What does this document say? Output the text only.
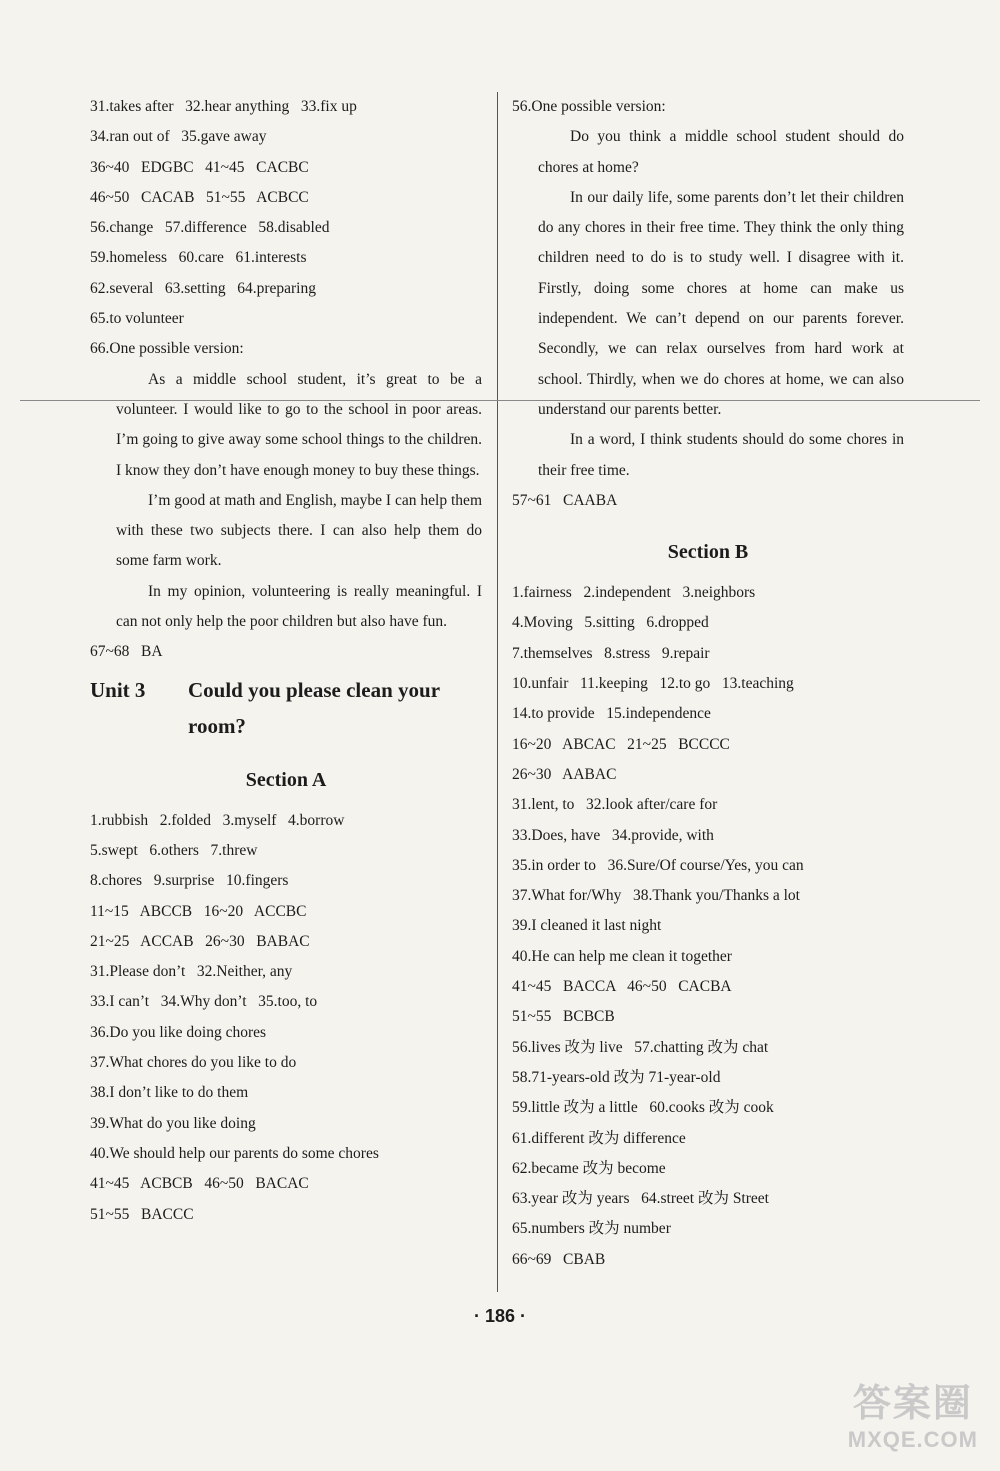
31.takes after   32.hear anything   33.fix up
34.ran out of   35.gave away
36~40   EDGBC   41~45   CACBC
46~50   CACAB   51~55   ACBCC
56.change   57.difference   58.disabled
59.homeless   60.care   61.interests
62.several   63.setting   64.preparing
65.to volunteer
66.One possible version:

As a middle school student, it’s great to be a volunteer. I would like to go to the school in poor areas. I’m going to give away some school things to the children. I know they don’t have enough money to buy these things.

I’m good at math and English, maybe I can help them with these two subjects there. I can also help them do some farm work.

In my opinion, volunteering is really meaningful. I can not only help the poor children but also have fun.

67~68   BA
Unit 3	Could you please clean your room?
Section A
1.rubbish   2.folded   3.myself   4.borrow
5.swept   6.others   7.threw
8.chores   9.surprise   10.fingers
11~15   ABCCB   16~20   ACCBC
21~25   ACCAB   26~30   BABAC
31.Please don’t   32.Neither, any
33.I can’t   34.Why don’t   35.too, to
36.Do you like doing chores
37.What chores do you like to do
38.I don’t like to do them
39.What do you like doing
40.We should help our parents do some chores
41~45   ACBCB   46~50   BACAC
51~55   BACCC
56.One possible version:

Do you think a middle school student should do chores at home?

In our daily life, some parents don’t let their children do any chores in their free time. They think the only thing children need to do is to study well. I disagree with it. Firstly, doing some chores at home can make us independent. We can’t depend on our parents forever. Secondly, we can relax ourselves from hard work at school. Thirdly, when we do chores at home, we can also understand our parents better.

In a word, I think students should do some chores in their free time.

57~61   CAABA
Section B
1.fairness   2.independent   3.neighbors
4.Moving   5.sitting   6.dropped
7.themselves   8.stress   9.repair
10.unfair   11.keeping   12.to go   13.teaching
14.to provide   15.independence
16~20   ABCAC   21~25   BCCCC
26~30   AABAC
31.lent, to   32.look after/care for
33.Does, have   34.provide, with
35.in order to   36.Sure/Of course/Yes, you can
37.What for/Why   38.Thank you/Thanks a lot
39.I cleaned it last night
40.He can help me clean it together
41~45   BACCA   46~50   CACBA
51~55   BCBCB
56.lives 改为 live   57.chatting 改为 chat
58.71-years-old 改为 71-year-old
59.little 改为 a little   60.cooks 改为 cook
61.different 改为 difference
62.became 改为 become
63.year 改为 years   64.street 改为 Street
65.numbers 改为 number
66~69   CBAB
· 186 ·
答案圈
MXQE.COM
